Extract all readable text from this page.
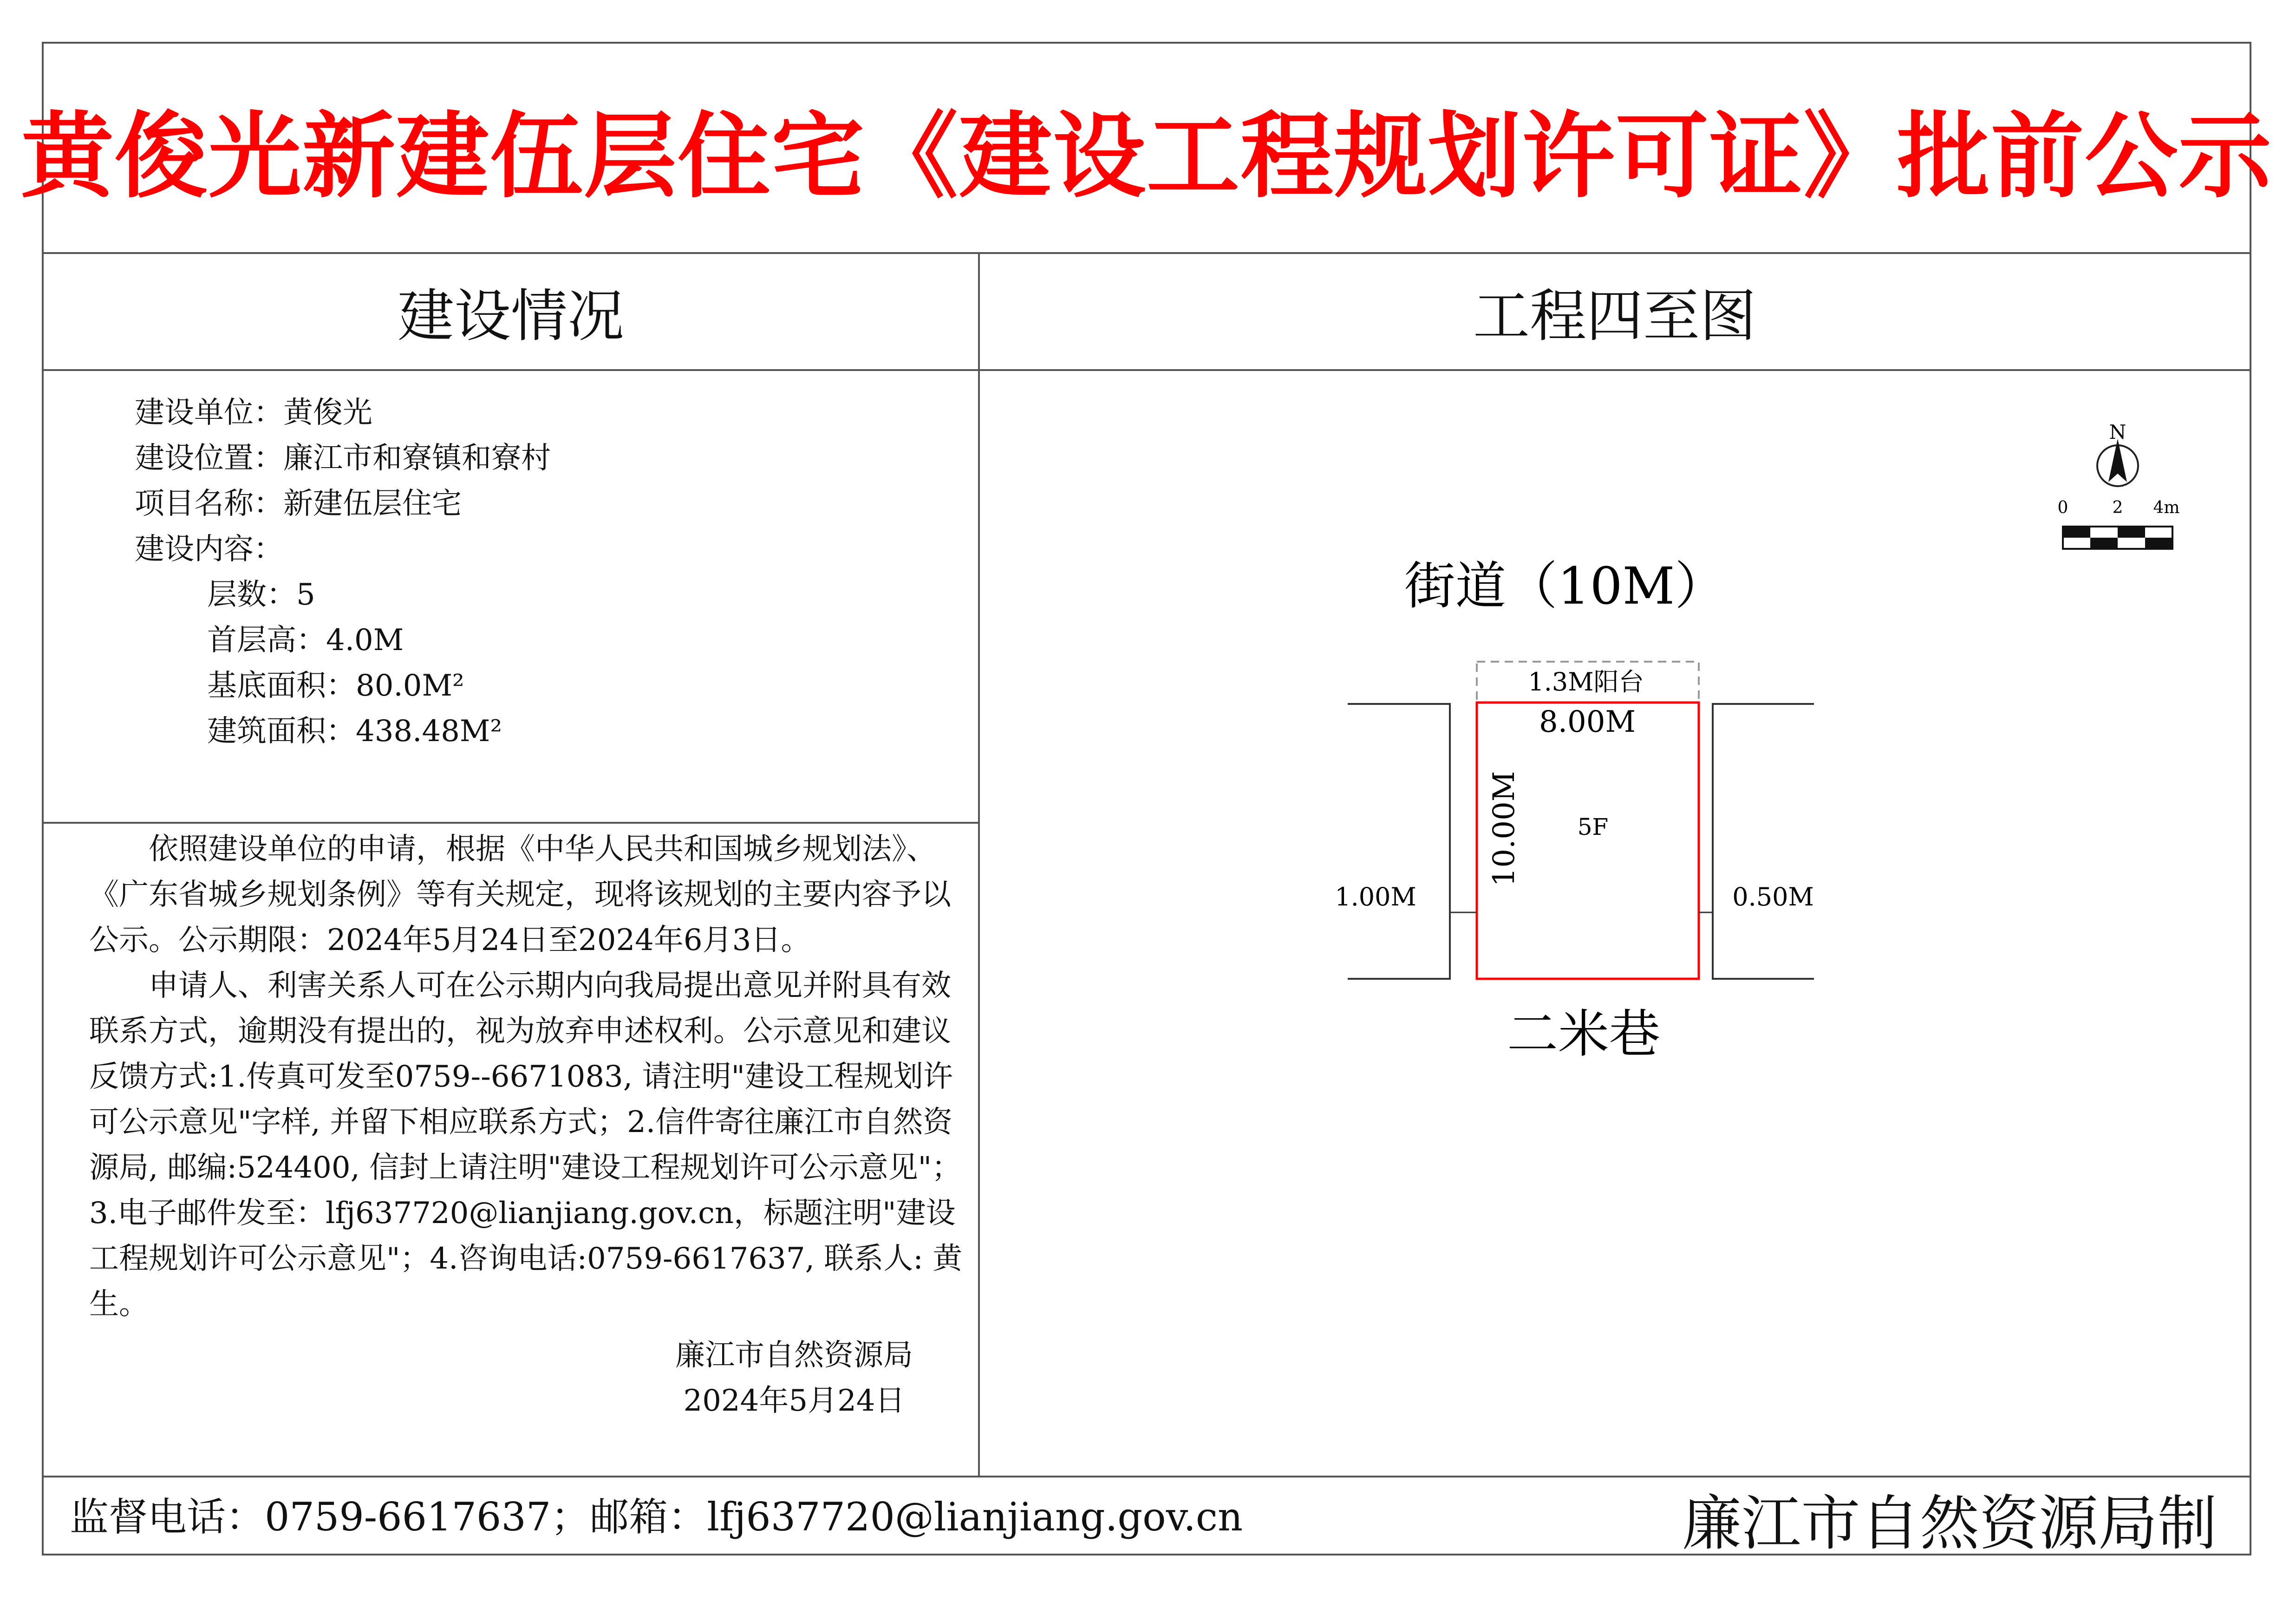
黄俊光新建伍层住宅《建设工程规划许可证》批前公示
建设情况	工程四至图
建设单位：黄俊光
建设位置：廉江市和寮镇和寮村
项目名称：新建伍层住宅
建设内容：
层数：5
首层高：4.0M
基底面积：80.0M²
建筑面积：438.48M²

依照建设单位的申请，根据《中华人民共和国城乡规划法》、《广东省城乡规划条例》等有关规定，现将该规划的主要内容予以公示。公示期限：2024年5月24日至2024年6月3日。

申请人、利害关系人可在公示期内向我局提出意见并附具有效联系方式，逾期没有提出的，视为放弃申述权利。公示意见和建议反馈方式:1.传真可发至0759--6671083, 请注明"建设工程规划许可公示意见"字样, 并留下相应联系方式；2.信件寄往廉江市自然资源局, 邮编:524400, 信封上请注明"建设工程规划许可公示意见"； 3.电子邮件发至：lfj637720@lianjiang.gov.cn，标题注明"建设工程规划许可公示意见"；4.咨询电话:0759-6617637, 联系人: 黄生。

廉江市自然资源局
2024年5月24日
N
0	2 4m
街道（10M）
1.3M阳台
8.00M
10.00M 5F
1.00M	0.50M
二米巷
监督电话：0759-6617637；邮箱：lfj637720@lianjiang.gov.cn	廉江市自然资源局制
